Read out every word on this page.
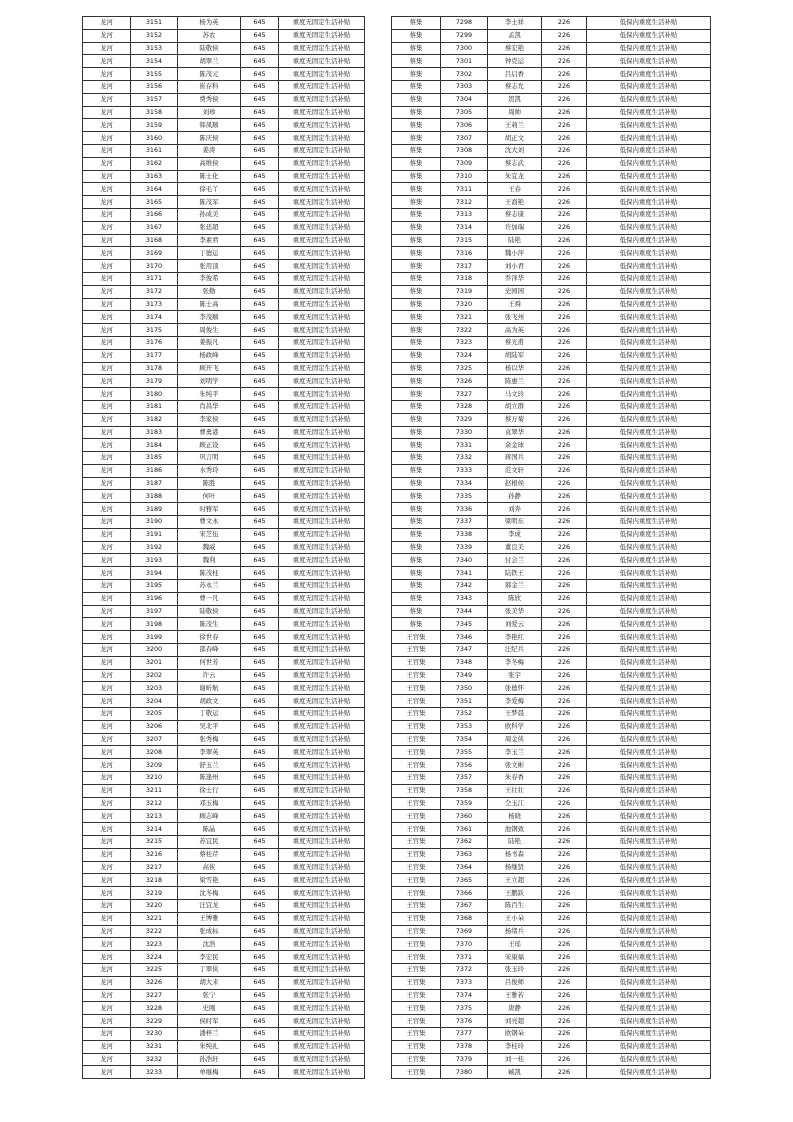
龙河	3151	杨为英	645	重度无固定生活补贴
龙河	3152	苏农	645	重度无固定生活补贴
龙河	3153	陆敬侯	645	重度无固定生活补贴
龙河	3154	胡翠兰	645	重度无固定生活补贴
龙河	3155	陈茂元	645	重度无固定生活补贴
龙河	3156	崔存科	645	重度无固定生活补贴
龙河	3157	费秀侯	645	重度无固定生活补贴
龙河	3158	刘珍	645	重度无固定生活补贴
龙河	3159	韩凤顺	645	重度无固定生活补贴
龙河	3160	陈庆侯	645	重度无固定生活补贴
龙河	3161	姜涛	645	重度无固定生活补贴
龙河	3162	高维侯	645	重度无固定生活补贴
龙河	3163	陈士化	645	重度无固定生活补贴
龙河	3164	徐毛丫	645	重度无固定生活补贴
龙河	3165	陈茂军	645	重度无固定生活补贴
龙河	3166	孙成美	645	重度无固定生活补贴
龙河	3167	张廷超	645	重度无固定生活补贴
龙河	3168	李素君	645	重度无固定生活补贴
龙河	3169	丁德运	645	重度无固定生活补贴
龙河	3170	张用顶	645	重度无固定生活补贴
龙河	3171	李俊希	645	重度无固定生活补贴
龙河	3172	张勤	645	重度无固定生活补贴
龙河	3173	陈士高	645	重度无固定生活补贴
龙河	3174	李茂顺	645	重度无固定生活补贴
龙河	3175	周俊生	645	重度无固定生活补贴
龙河	3176	姜振凡	645	重度无固定生活补贴
龙河	3177	杨政峰	645	重度无固定生活补贴
龙河	3178	顾开飞	645	重度无固定生活补贴
龙河	3179	刘明学	645	重度无固定生活补贴
龙河	3180	朱纯平	645	重度无固定生活补贴
龙河	3181	肖昌华	645	重度无固定生活补贴
龙河	3182	李家侯	645	重度无固定生活补贴
龙河	3183	曹勇港	645	重度无固定生活补贴
龙河	3184	顾正设	645	重度无固定生活补贴
龙河	3185	巩言明	645	重度无固定生活补贴
龙河	3186	水秀玲	645	重度无固定生活补贴
龙河	3187	陈胜	645	重度无固定生活补贴
龙河	3188	何叶	645	重度无固定生活补贴
龙河	3189	时雅军	645	重度无固定生活补贴
龙河	3190	曹文永	645	重度无固定生活补贴
龙河	3191	宋芝伍	645	重度无固定生活补贴
龙河	3192	魏威	645	重度无固定生活补贴
龙河	3193	魏利	645	重度无固定生活补贴
龙河	3194	陈茂柱	645	重度无固定生活补贴
龙河	3195	苏永兰	645	重度无固定生活补贴
龙河	3196	曹一凡	645	重度无固定生活补贴
龙河	3197	陆敬侯	645	重度无固定生活补贴
龙河	3198	陈茂生	645	重度无固定生活补贴
龙河	3199	徐世春	645	重度无固定生活补贴
龙河	3200	邵春峰	645	重度无固定生活补贴
龙河	3201	何世芳	645	重度无固定生活补贴
龙河	3202	许云	645	重度无固定生活补贴
龙河	3203	谢昕航	645	重度无固定生活补贴
龙河	3204	胡政文	645	重度无固定生活补贴
龙河	3205	丁敬运	645	重度无固定生活补贴
龙河	3206	吴北平	645	重度无固定生活补贴
龙河	3207	张秀梅	645	重度无固定生活补贴
龙河	3208	李翠英	645	重度无固定生活补贴
龙河	3209	舒玉兰	645	重度无固定生活补贴
龙河	3210	陈逢州	645	重度无固定生活补贴
龙河	3211	徐士行	645	重度无固定生活补贴
龙河	3212	邓玉梅	645	重度无固定生活补贴
龙河	3213	顾志峰	645	重度无固定生活补贴
龙河	3214	陈晶	645	重度无固定生活补贴
龙河	3215	苏宜民	645	重度无固定生活补贴
龙河	3216	蔡桂芹	645	重度无固定生活补贴
龙河	3217	高侠	645	重度无固定生活补贴
龙河	3218	梁雪艳	645	重度无固定生活补贴
龙河	3219	沈冬梅	645	重度无固定生活补贴
龙河	3220	汪宜龙	645	重度无固定生活补贴
龙河	3221	王博雅	645	重度无固定生活补贴
龙河	3222	张成标	645	重度无固定生活补贴
龙河	3223	沈浩	645	重度无固定生活补贴
龙河	3224	李宏民	645	重度无固定生活补贴
龙河	3225	丁翠侠	645	重度无固定生活补贴
龙河	3226	胡大来	645	重度无固定生活补贴
龙河	3227	张宁	645	重度无固定生活补贴
龙河	3228	史刚	645	重度无固定生活补贴
龙河	3229	侯时军	645	重度无固定生活补贴
龙河	3230	潘梓兰	645	重度无固定生活补贴
龙河	3231	朱纯礼	645	重度无固定生活补贴
龙河	3232	孙浩轩	645	重度无固定生活补贴
龙河	3233	单继梅	645	重度无固定生活补贴
蔡集	7298	李士祥	226	低保内重度生活补贴
蔡集	7299	孟凯	226	低保内重度生活补贴
蔡集	7300	蔡宏艳	226	低保内重度生活补贴
蔡集	7301	钟克运	226	低保内重度生活补贴
蔡集	7302	吕启香	226	低保内重度生活补贴
蔡集	7303	蔡志允	226	低保内重度生活补贴
蔡集	7304	贺凯	226	低保内重度生活补贴
蔡集	7305	周帅	226	低保内重度生活补贴
蔡集	7306	王莉兰	226	低保内重度生活补贴
蔡集	7307	胡正文	226	低保内重度生活补贴
蔡集	7308	沈大刘	226	低保内重度生活补贴
蔡集	7309	蔡志武	226	低保内重度生活补贴
蔡集	7310	朱宜龙	226	低保内重度生活补贴
蔡集	7311	王春	226	低保内重度生活补贴
蔡集	7312	王裔艳	226	低保内重度生活补贴
蔡集	7313	蔡志康	226	低保内重度生活补贴
蔡集	7314	许加瑞	226	低保内重度生活补贴
蔡集	7315	陆艳	226	低保内重度生活补贴
蔡集	7316	魏小萍	226	低保内重度生活补贴
蔡集	7317	刘小君	226	低保内重度生活补贴
蔡集	7318	乔泽华	226	低保内重度生活补贴
蔡集	7319	史园园	226	低保内重度生活补贴
蔡集	7320	王舜	226	低保内重度生活补贴
蔡集	7321	张飞州	226	低保内重度生活补贴
蔡集	7322	高为英	226	低保内重度生活补贴
蔡集	7323	蔡光甫	226	低保内重度生活补贴
蔡集	7324	胡陆军	226	低保内重度生活补贴
蔡集	7325	杨以华	226	低保内重度生活补贴
蔡集	7326	陈惠兰	226	低保内重度生活补贴
蔡集	7327	马文玲	226	低保内重度生活补贴
蔡集	7328	胡立群	226	低保内重度生活补贴
蔡集	7329	蔡万菊	226	低保内重度生活补贴
蔡集	7330	袁翠华	226	低保内重度生活补贴
蔡集	7331	余金球	226	低保内重度生活补贴
蔡集	7332	蒋国兵	226	低保内重度生活补贴
蔡集	7333	范文轩	226	低保内重度生活补贴
蔡集	7334	赵根侯	226	低保内重度生活补贴
蔡集	7335	孙静	226	低保内重度生活补贴
蔡集	7336	刘奔	226	低保内重度生活补贴
蔡集	7337	梁明东	226	低保内重度生活补贴
蔡集	7338	李成	226	低保内重度生活补贴
蔡集	7339	董良美	226	低保内重度生活补贴
蔡集	7340	付会兰	226	低保内重度生活补贴
蔡集	7341	陆铁王	226	低保内重度生活补贴
蔡集	7342	郝金兰	226	低保内重度生活补贴
蔡集	7343	陈欣	226	低保内重度生活补贴
蔡集	7344	张美华	226	低保内重度生活补贴
蔡集	7345	刘爱云	226	低保内重度生活补贴
王官集	7346	李艳红	226	低保内重度生活补贴
王官集	7347	汪纪兵	226	低保内重度生活补贴
王官集	7348	李冬梅	226	低保内重度生活补贴
王官集	7349	张宇	226	低保内重度生活补贴
王官集	7350	张德怀	226	低保内重度生活补贴
王官集	7351	李爱梅	226	低保内重度生活补贴
王官集	7352	王梦晨	226	低保内重度生活补贴
王官集	7353	欧科学	226	低保内重度生活补贴
王官集	7354	周金侠	226	低保内重度生活补贴
王官集	7355	李玉兰	226	低保内重度生活补贴
王官集	7356	张文彬	226	低保内重度生活补贴
王官集	7357	朱春香	226	低保内重度生活补贴
王官集	7358	王壮壮	226	低保内重度生活补贴
王官集	7359	仝玉江	226	低保内重度生活补贴
王官集	7360	杨晓	226	低保内重度生活补贴
王官集	7361	池钢致	226	低保内重度生活补贴
王官集	7362	陆艳	226	低保内重度生活补贴
王官集	7363	杨书森	226	低保内重度生活补贴
王官集	7364	杨继贤	226	低保内重度生活补贴
王官集	7365	王立超	226	低保内重度生活补贴
王官集	7366	王鹏跃	226	低保内重度生活补贴
王官集	7367	陈百生	226	低保内重度生活补贴
王官集	7368	王小朵	226	低保内重度生活补贴
王官集	7369	杨绪兵	226	低保内重度生活补贴
王官集	7370	王瑶	226	低保内重度生活补贴
王官集	7371	宋康福	226	低保内重度生活补贴
王官集	7372	张玉玲	226	低保内重度生活补贴
王官集	7373	吕俊师	226	低保内重度生活补贴
王官集	7374	王雅若	226	低保内重度生活补贴
王官集	7375	唐静	226	低保内重度生活补贴
王官集	7376	刘亮超	226	低保内重度生活补贴
王官集	7377	欧钢朵	226	低保内重度生活补贴
王官集	7378	李桂玲	226	低保内重度生活补贴
王官集	7379	刘一桂	226	低保内重度生活补贴
王官集	7380	臧凯	226	低保内重度生活补贴
